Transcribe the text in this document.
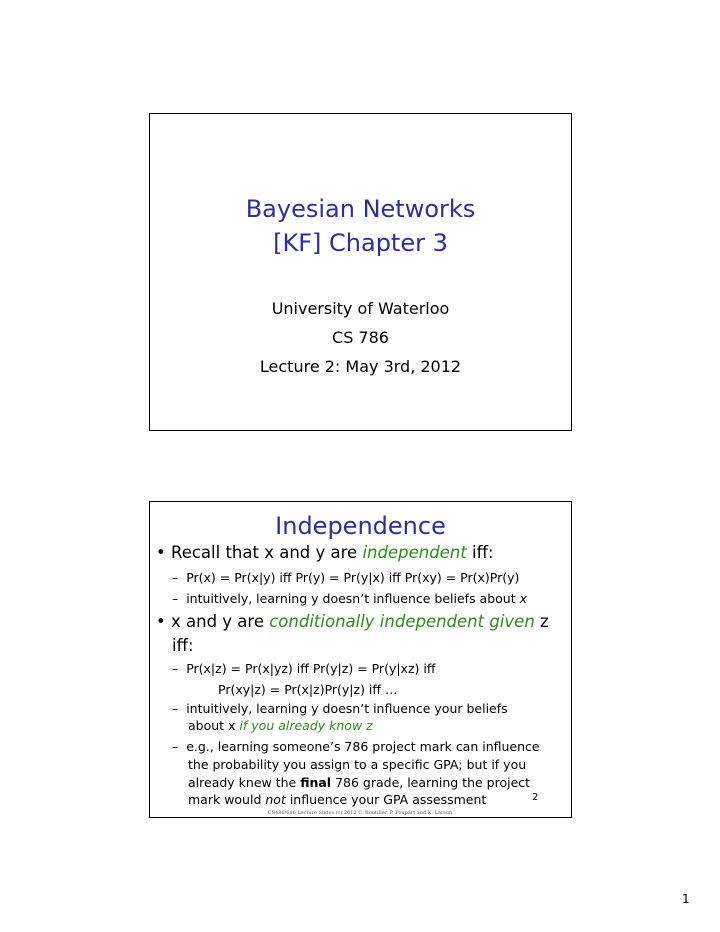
Bayesian Networks
[KF] Chapter 3
University of Waterloo
CS 786
Lecture 2: May 3rd, 2012
Independence
• Recall that x and y are independent iff:
–  Pr(x) = Pr(x|y) iff Pr(y) = Pr(y|x) iff Pr(xy) = Pr(x)Pr(y)
–  intuitively, learning y doesn’t influence beliefs about x
• x and y are conditionally independent given z
iff:
–  Pr(x|z) = Pr(x|yz) iff Pr(y|z) = Pr(y|xz) iff
Pr(xy|z) = Pr(x|z)Pr(y|z) iff …
–  intuitively, learning y doesn’t influence your beliefs
about x if you already know z
–  e.g., learning someone’s 786 project mark can influence
the probability you assign to a specific GPA; but if you
already knew the final 786 grade, learning the project
mark would not influence your GPA assessment	2
CS486/686 Lecture Slides (c) 2012 C. Boutilier, P. Poupart and K. Larson
1
